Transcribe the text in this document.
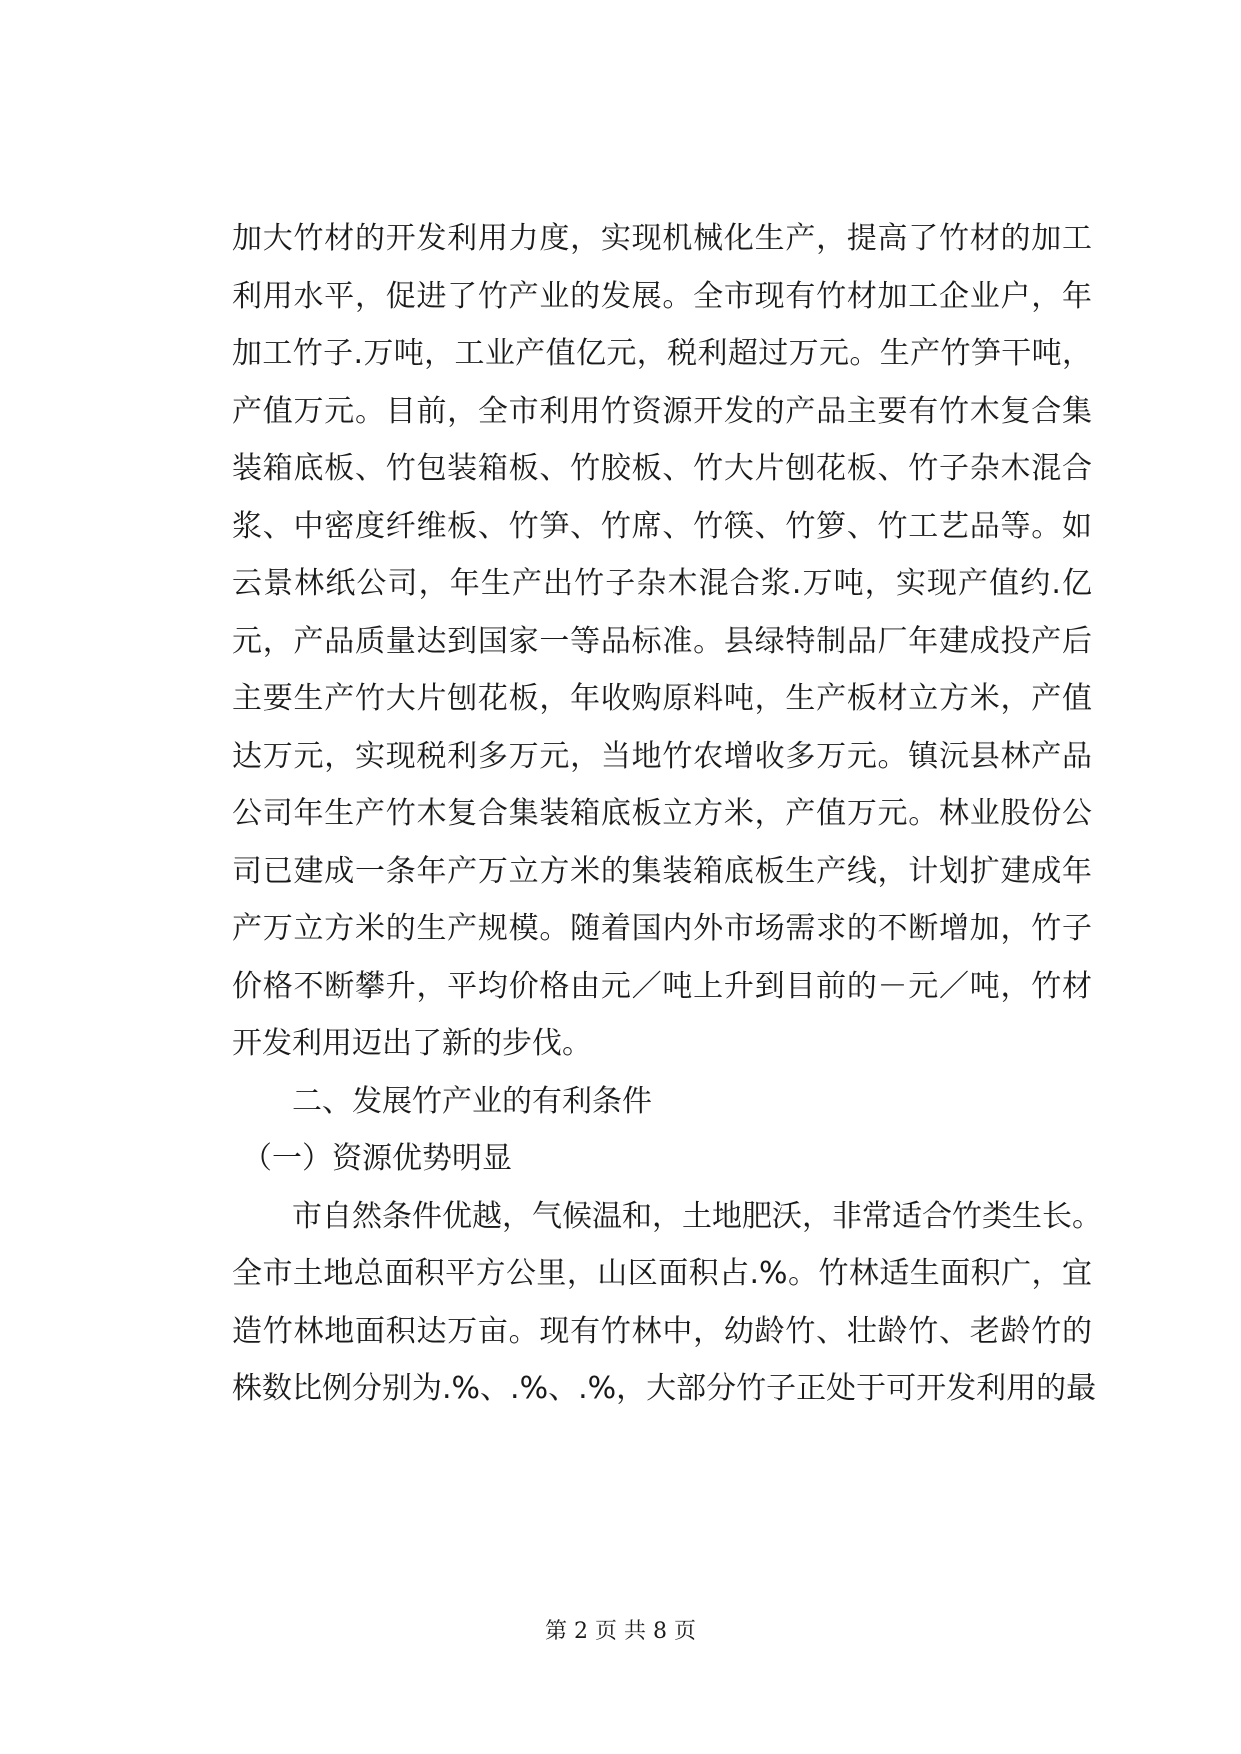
加大竹材的开发利用力度，实现机械化生产，提高了竹材的加工
利用水平，促进了竹产业的发展。全市现有竹材加工企业户，年
加工竹子.万吨，工业产值亿元，税利超过万元。生产竹笋干吨，
产值万元。目前，全市利用竹资源开发的产品主要有竹木复合集
装箱底板、竹包装箱板、竹胶板、竹大片刨花板、竹子杂木混合
浆、中密度纤维板、竹笋、竹席、竹筷、竹箩、竹工艺品等。如
云景林纸公司，年生产出竹子杂木混合浆.万吨，实现产值约.亿
元，产品质量达到国家一等品标准。县绿特制品厂年建成投产后
主要生产竹大片刨花板，年收购原料吨，生产板材立方米，产值
达万元，实现税利多万元，当地竹农增收多万元。镇沅县林产品
公司年生产竹木复合集装箱底板立方米，产值万元。林业股份公
司已建成一条年产万立方米的集装箱底板生产线，计划扩建成年
产万立方米的生产规模。随着国内外市场需求的不断增加，竹子
价格不断攀升，平均价格由元／吨上升到目前的－元／吨，竹材
开发利用迈出了新的步伐。
二、发展竹产业的有利条件
（一）资源优势明显
市自然条件优越，气候温和，土地肥沃，非常适合竹类生长。
全市土地总面积平方公里，山区面积占.%。竹林适生面积广，宜
造竹林地面积达万亩。现有竹林中，幼龄竹、壮龄竹、老龄竹的
株数比例分别为.%、.%、.%，大部分竹子正处于可开发利用的最
第 2 页 共 8 页
